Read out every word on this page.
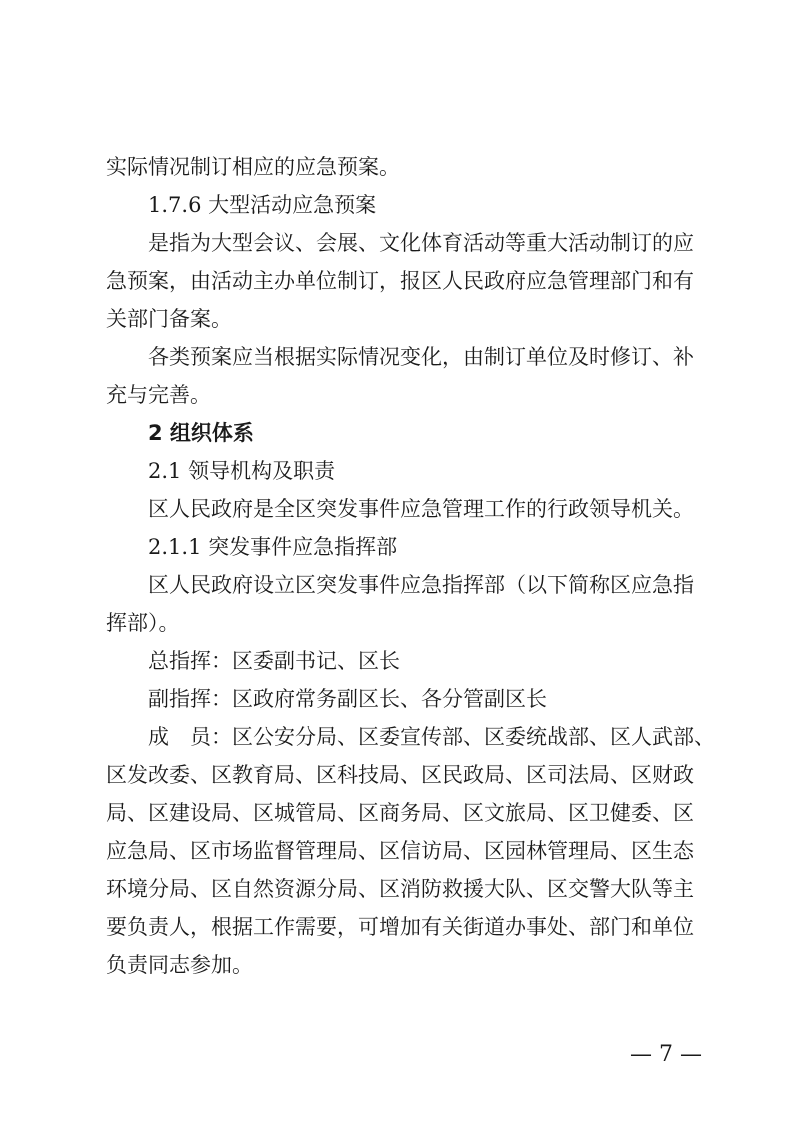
实际情况制订相应的应急预案。
1.7.6 大型活动应急预案
是指为大型会议、会展、文化体育活动等重大活动制订的应
急预案，由活动主办单位制订，报区人民政府应急管理部门和有
关部门备案。
各类预案应当根据实际情况变化，由制订单位及时修订、补
充与完善。
2 组织体系
2.1 领导机构及职责
区人民政府是全区突发事件应急管理工作的行政领导机关。
2.1.1 突发事件应急指挥部
区人民政府设立区突发事件应急指挥部（以下简称区应急指
挥部）。
总指挥：区委副书记、区长
副指挥：区政府常务副区长、各分管副区长
成　员：区公安分局、区委宣传部、区委统战部、区人武部、
区发改委、区教育局、区科技局、区民政局、区司法局、区财政
局、区建设局、区城管局、区商务局、区文旅局、区卫健委、区
应急局、区市场监督管理局、区信访局、区园林管理局、区生态
环境分局、区自然资源分局、区消防救援大队、区交警大队等主
要负责人，根据工作需要，可增加有关街道办事处、部门和单位
负责同志参加。
— 7 —
